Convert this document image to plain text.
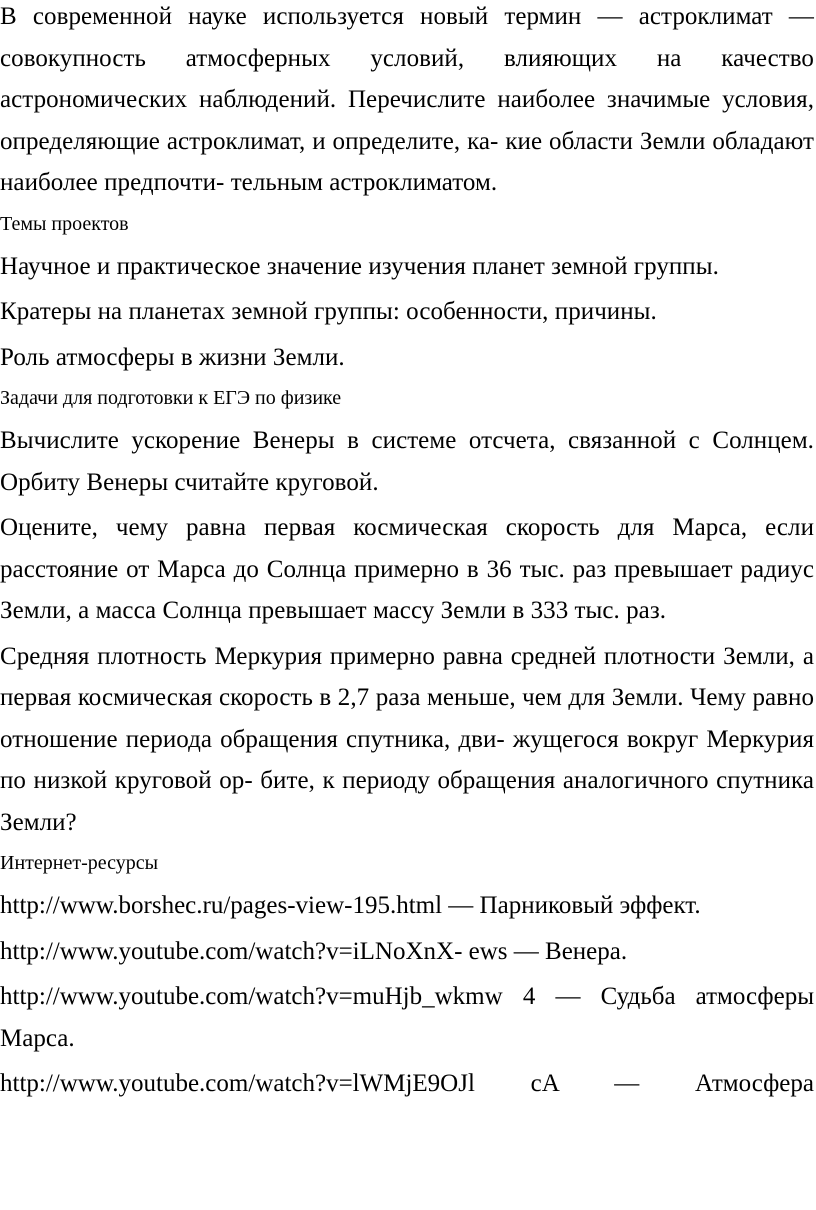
В современной науке используется новый термин — астроклимат — совокупность атмосферных условий, влияющих на качество астрономических наблюдений. Перечислите наиболее значимые условия, определяющие астроклимат, и определите, ка- кие области Земли обладают наиболее предпочти- тельным астроклиматом.

Темы проектов

Научное и практическое значение изучения планет земной группы.

Кратеры на планетах земной группы: особенности, причины.

Роль атмосферы в жизни Земли.

Задачи для подготовки к ЕГЭ по физике

Вычислите ускорение Венеры в системе отсчета, связанной с Солнцем. Орбиту Венеры считайте круговой.

Оцените, чему равна первая космическая скорость для Марса, если расстояние от Марса до Солнца примерно в 36 тыс. раз превышает радиус Земли, а масса Солнца превышает массу Земли в 333 тыс. раз.

Средняя плотность Меркурия примерно равна средней плотности Земли, а первая космическая скорость в 2,7 раза меньше, чем для Земли. Чему равно отношение периода обращения спутника, дви- жущегося вокруг Меркурия по низкой круговой ор- бите, к периоду обращения аналогичного спутника Земли?

Интернет-ресурсы

http://www.borshec.ru/pages-view-195.html — Парниковый эффект.

http://www.youtube.com/watch?v=iLNoXnX- ews — Венера.

http://www.youtube.com/watch?v=muHjb_wkmw 4 — Судьба атмосферы Марса.

http://www.youtube.com/watch?v=lWMjE9OJl cA — Атмосфера
